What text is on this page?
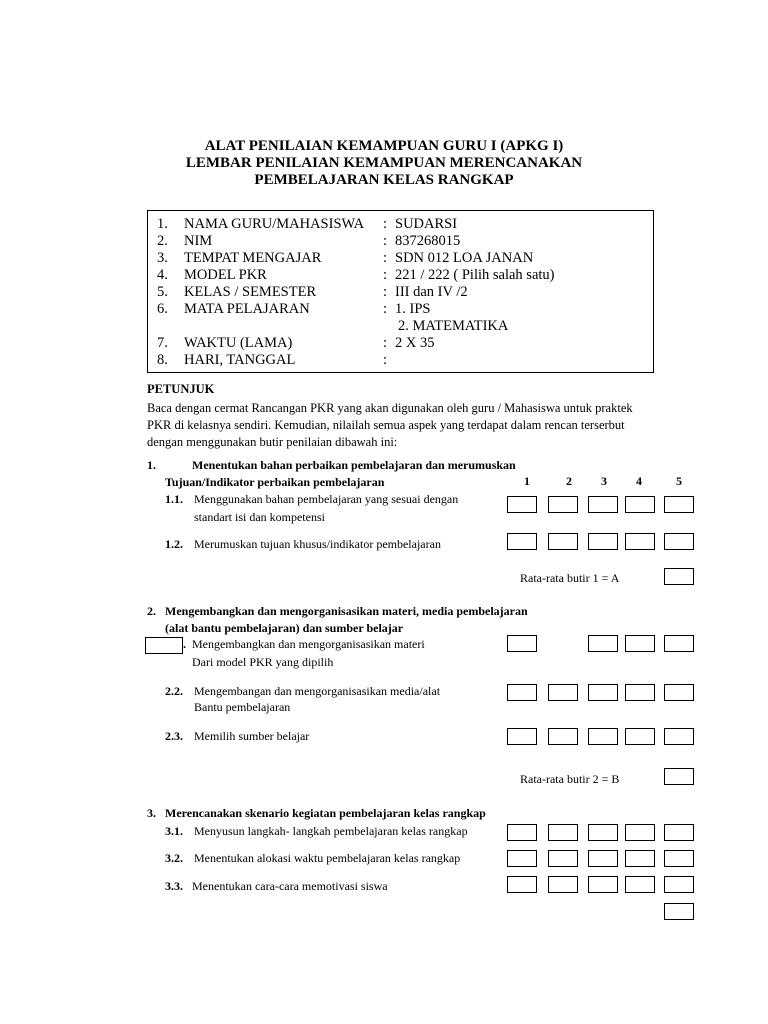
ALAT PENILAIAN KEMAMPUAN GURU I (APKG I)
LEMBAR PENILAIAN KEMAMPUAN MERENCANAKAN
PEMBELAJARAN KELAS RANGKAP
1. NAMA GURU/MAHASISWA : SUDARSI
2. NIM	: 837268015
3. TEMPAT MENGAJAR	: SDN 012 LOA JANAN
4. MODEL PKR	: 221 / 222 ( Pilih salah satu)
5. KELAS / SEMESTER	: III dan IV /2
6. MATA PELAJARAN	: 1. IPS
2. MATEMATIKA
7. WAKTU (LAMA)	: 2 X 35
8. HARI, TANGGAL	:
PETUNJUK
Baca dengan cermat Rancangan PKR yang akan digunakan oleh guru / Mahasiswa untuk praktek
PKR di kelasnya sendiri. Kemudian, nilailah semua aspek yang terdapat dalam rencan terserbut
dengan menggunakan butir penilaian dibawah ini:
1.	Menentukan bahan perbaikan pembelajaran dan merumuskan
Tujuan/Indikator perbaikan pembelajaran	1	2	3	4	5
1.1. Menggunakan bahan pembelajaran yang sesuai dengan
standart isi dan kompetensi
1.2. Merumuskan tujuan khusus/indikator pembelajaran
Rata-rata butir 1 = A
2. Mengembangkan dan mengorganisasikan materi, media pembelajaran
(alat bantu pembelajaran) dan sumber belajar
. Mengembangkan dan mengorganisasikan materi
Dari model PKR yang dipilih
2.2. Mengembangan dan mengorganisasikan media/alat
Bantu pembelajaran
2.3. Memilih sumber belajar
Rata-rata butir 2 = B
3. Merencanakan skenario kegiatan pembelajaran kelas rangkap
3.1. Menyusun langkah- langkah pembelajaran kelas rangkap
3.2. Menentukan alokasi waktu pembelajaran kelas rangkap
3.3. Menentukan cara-cara memotivasi siswa
